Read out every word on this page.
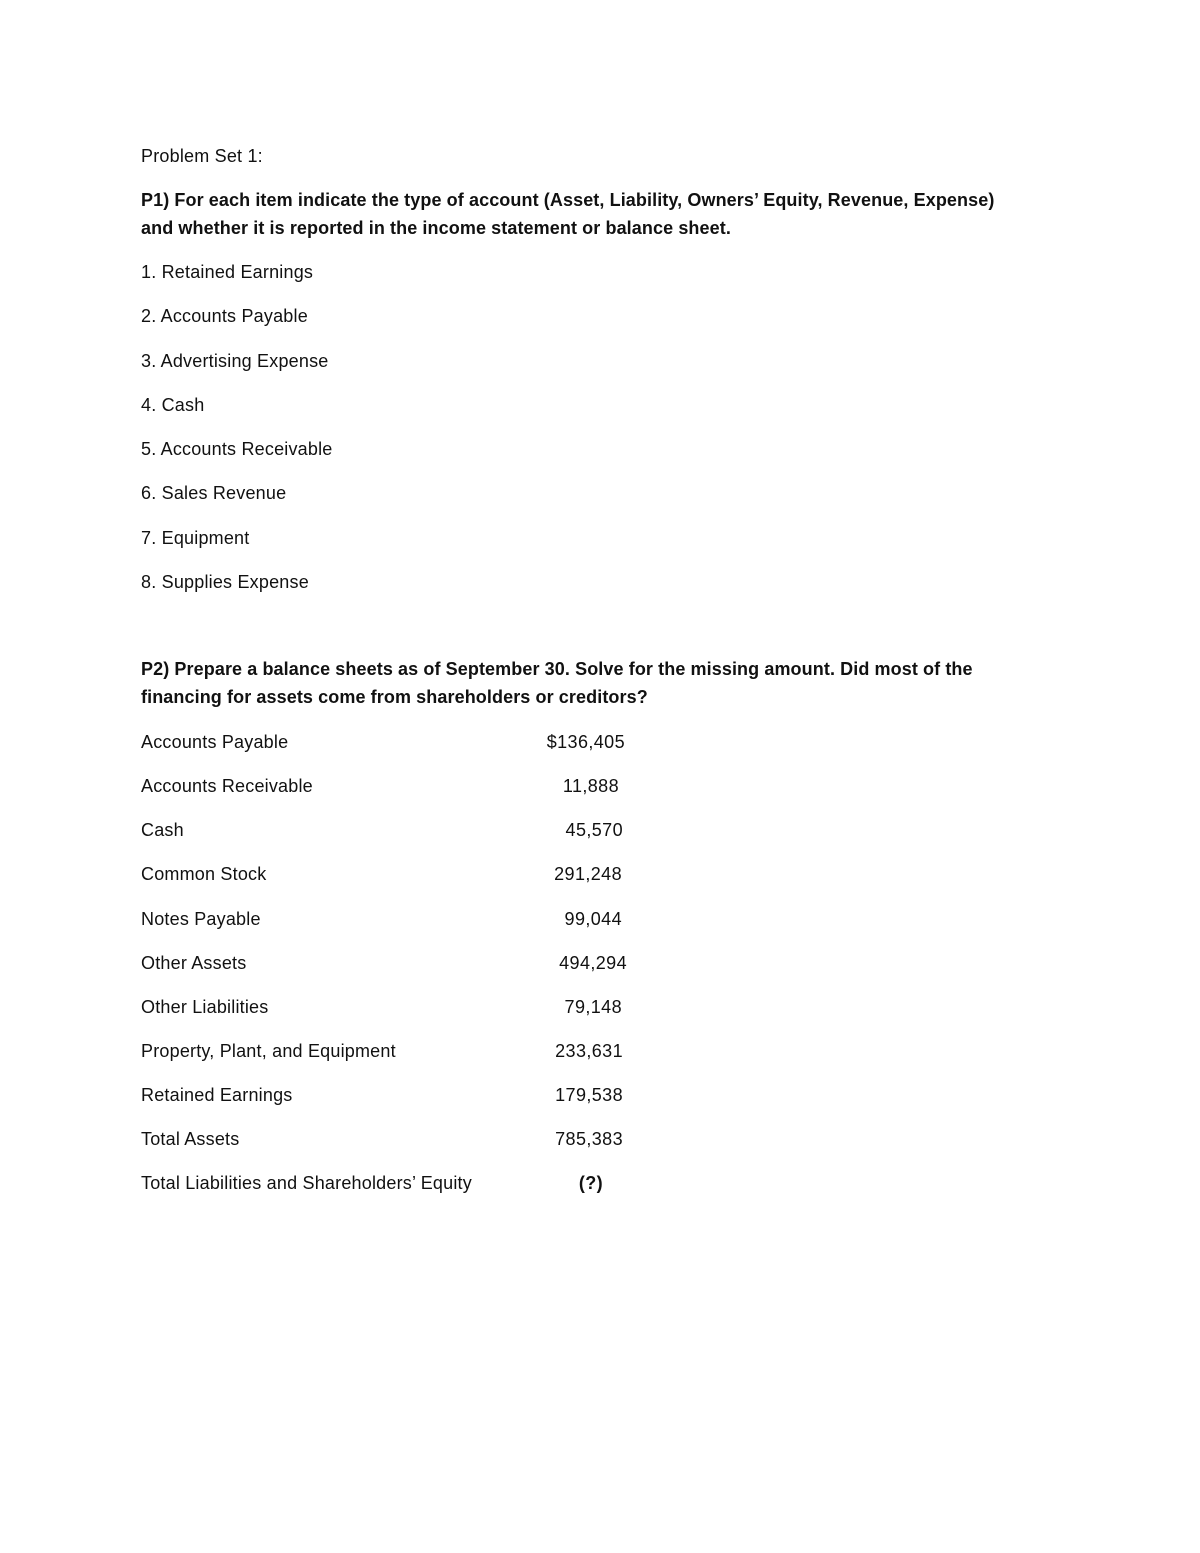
Problem Set 1:
P1) For each item indicate the type of account (Asset, Liability, Owners’ Equity, Revenue, Expense)
and whether it is reported in the income statement or balance sheet.
1. Retained Earnings
2. Accounts Payable
3. Advertising Expense
4. Cash
5. Accounts Receivable
6. Sales Revenue
7. Equipment
8. Supplies Expense
P2) Prepare a balance sheets as of September 30. Solve for the missing amount. Did most of the
financing for assets come from shareholders or creditors?
Accounts Payable	$136,405
Accounts Receivable	11,888
Cash	45,570
Common Stock	291,248
Notes Payable	99,044
Other Assets	494,294
Other Liabilities	79,148
Property, Plant, and Equipment	233,631
Retained Earnings	179,538
Total Assets	785,383
Total Liabilities and Shareholders’ Equity	(?)
